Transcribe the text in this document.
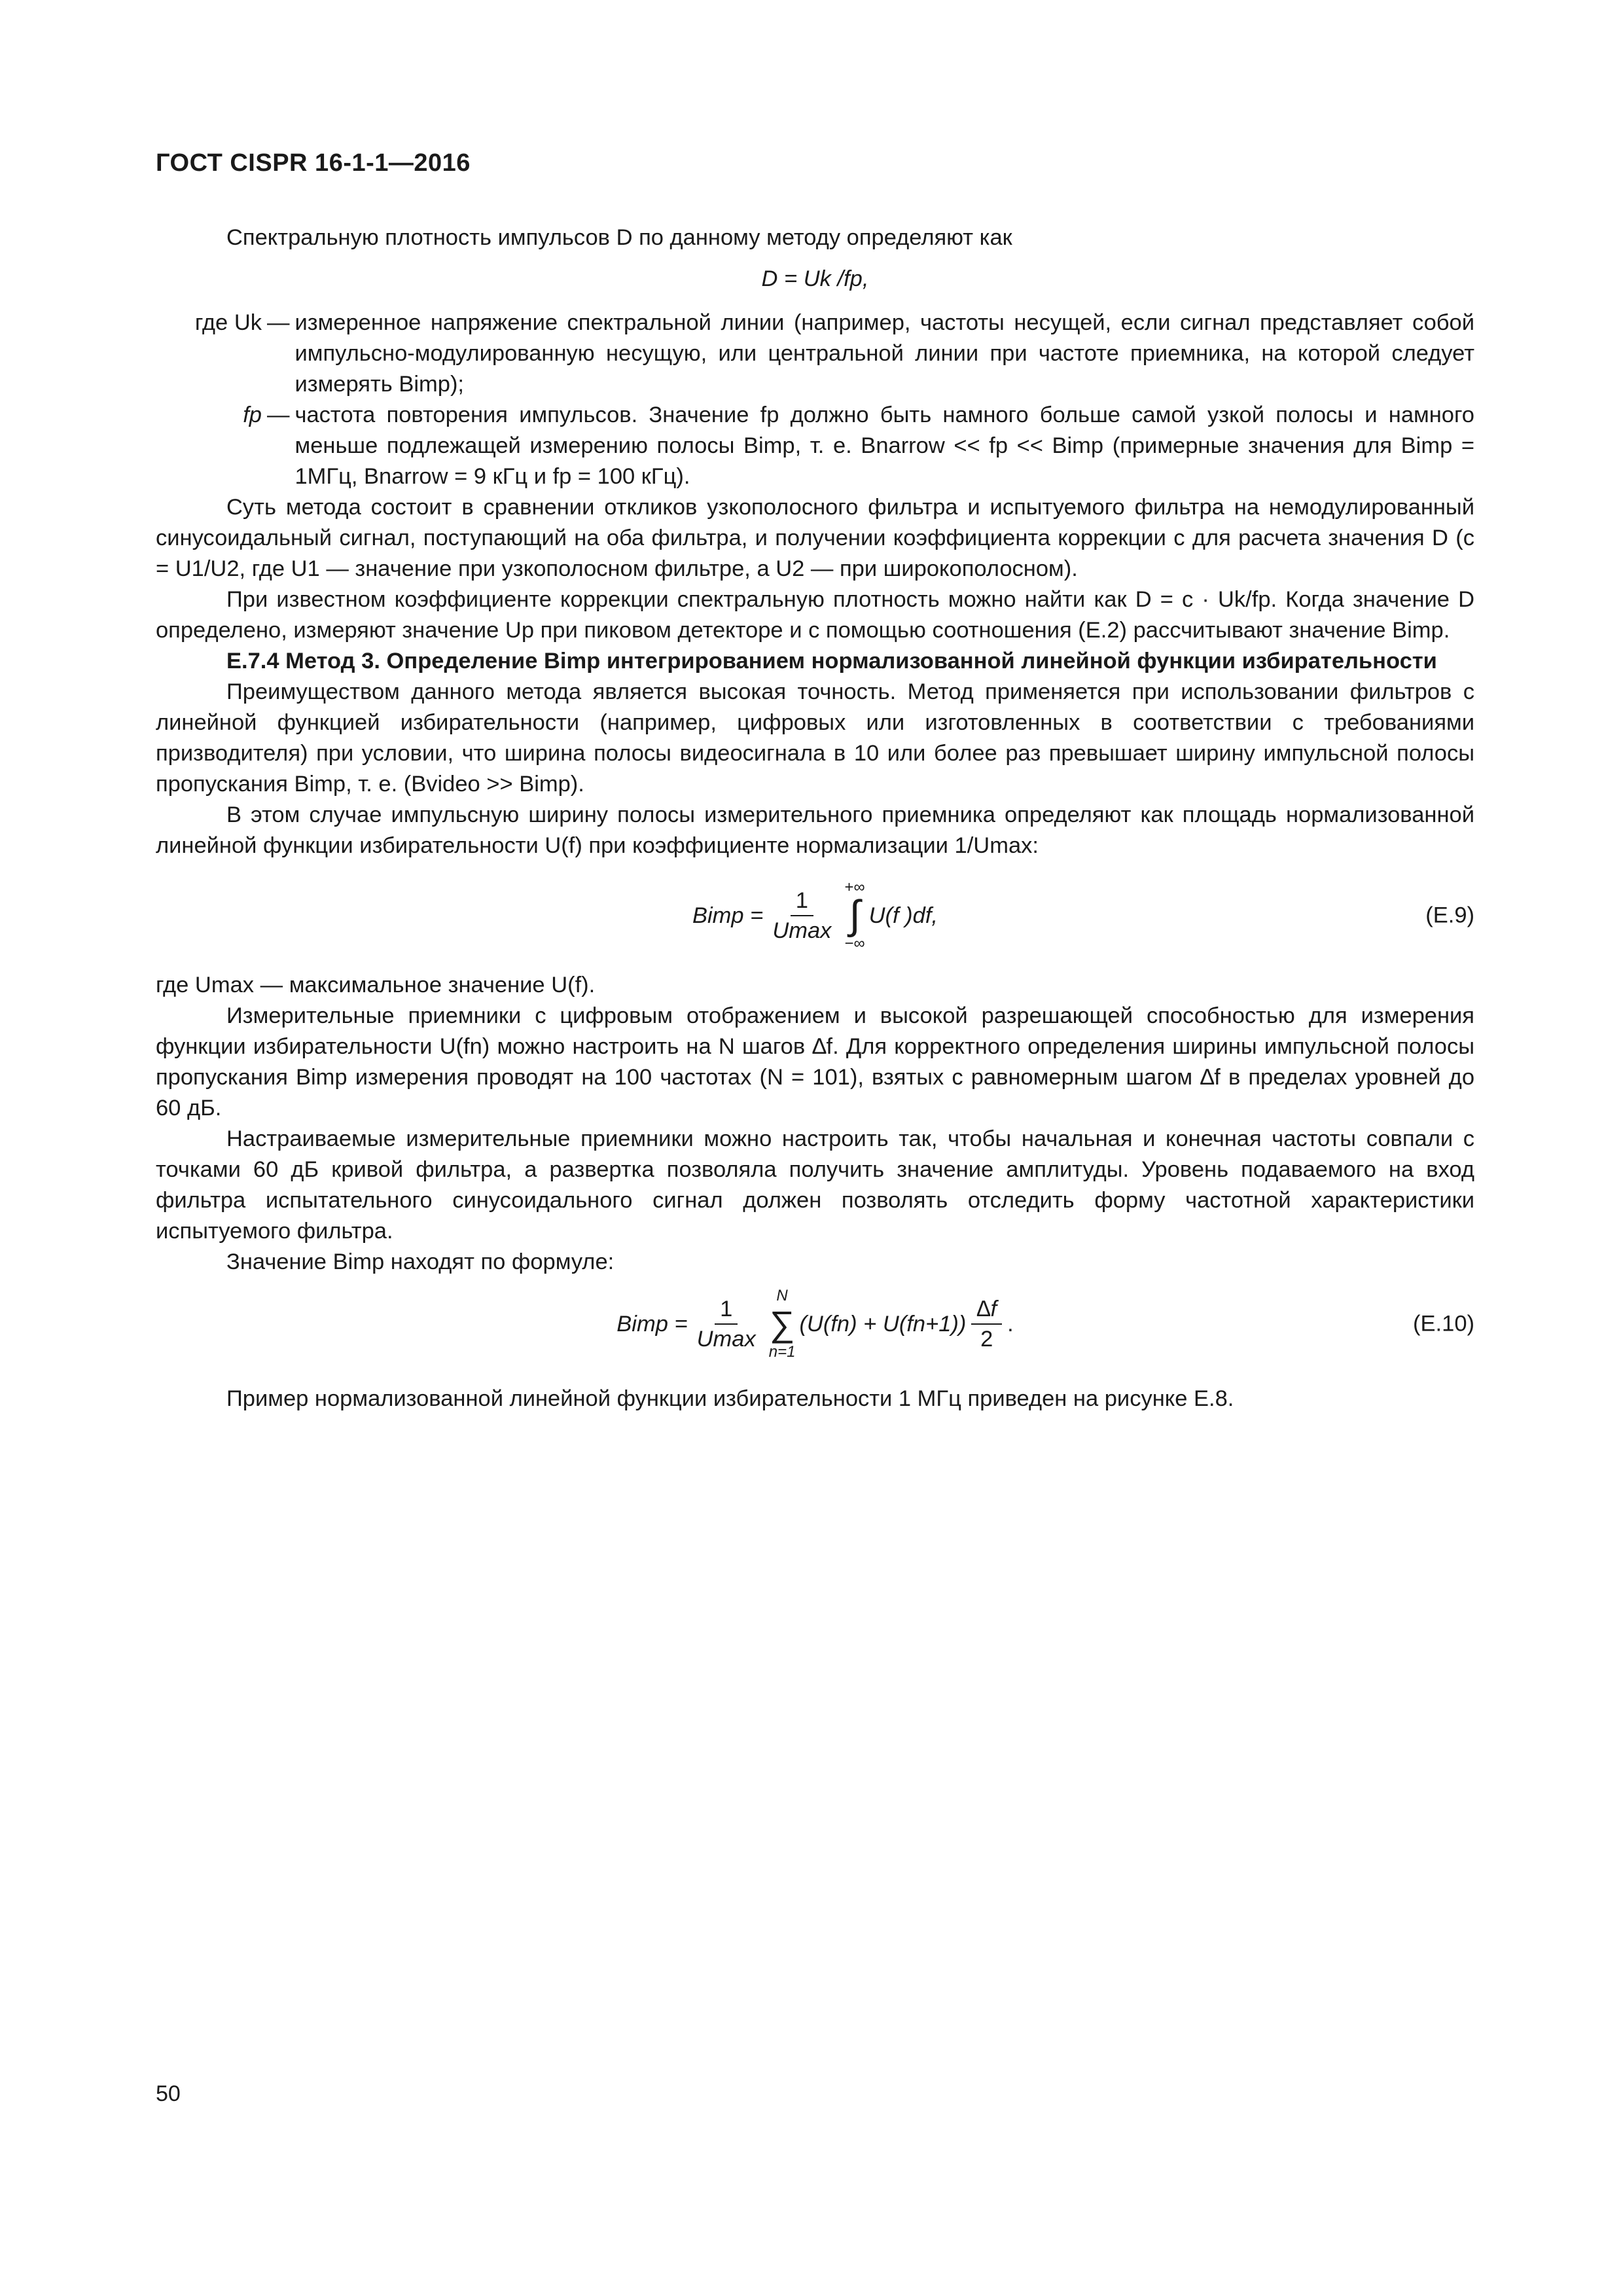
ГОСТ CISPR 16-1-1—2016

Спектральную плотность импульсов D по данному методу определяют как

D = Uk /fp,

где Uk — измеренное напряжение спектральной линии (например, частоты несущей, если сигнал представляет собой импульсно-модулированную несущую, или центральной линии при частоте приемника, на которой следует измерять Bimp);
fp — частота повторения импульсов. Значение fp должно быть намного больше самой узкой полосы и намного меньше подлежащей измерению полосы Bimp, т. е. Bnarrow << fp << Bimp (примерные значения для Bimp = 1МГц, Bnarrow = 9 кГц и fp = 100 кГц).

Суть метода состоит в сравнении откликов узкополосного фильтра и испытуемого фильтра на немодулированный синусоидальный сигнал, поступающий на оба фильтра, и получении коэффициента коррекции c для расчета значения D (c = U1/U2, где U1 — значение при узкополосном фильтре, а U2 — при широкополосном).

При известном коэффициенте коррекции спектральную плотность можно найти как D = c · Uk/fp. Когда значение D определено, измеряют значение Up при пиковом детекторе и с помощью соотношения (Е.2) рассчитывают значение Bimp.

Е.7.4 Метод 3. Определение Bimp интегрированием нормализованной линейной функции избирательности

Преимуществом данного метода является высокая точность. Метод применяется при использовании фильтров с линейной функцией избирательности (например, цифровых или изготовленных в соответствии с требованиями призводителя) при условии, что ширина полосы видеосигнала в 10 или более раз превышает ширину импульсной полосы пропускания Bimp, т. е. (Bvideo >> Bimp).

В этом случае импульсную ширину полосы измерительного приемника определяют как площадь нормализованной линейной функции избирательности U(f) при коэффициенте нормализации 1/Umax:

Bimp = $\frac{1}{Umax}$ +∞
∫
−∞
U(f )df,	(Е.9)

где Umax — максимальное значение U(f).

Измерительные приемники с цифровым отображением и высокой разрешающей способностью для измерения функции избирательности U(fn) можно настроить на N шагов ∆f. Для корректного определения ширины импульсной полосы пропускания Bimp измерения проводят на 100 частотах (N = 101), взятых с равномерным шагом ∆f в пределах уровней до 60 дБ.

Настраиваемые измерительные приемники можно настроить так, чтобы начальная и конечная частоты совпали с точками 60 дБ кривой фильтра, а развертка позволяла получить значение амплитуды. Уровень подаваемого на вход фильтра испытательного синусоидального сигнал должен позволять отследить форму частотной характеристики испытуемого фильтра.

Значение Bimp находят по формуле:

Bimp = $\frac{1}{Umax}$ N
∑
n=1
$(U(fn) + U(fn+1)) \frac{\Delta f}{2}$ .	(Е.10)

Пример нормализованной линейной функции избирательности 1 МГц приведен на рисунке Е.8.

50
